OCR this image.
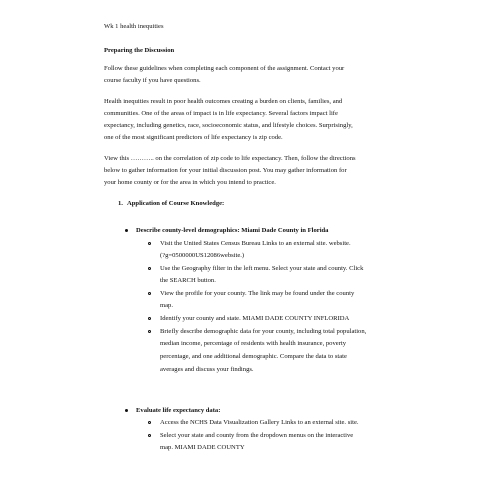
Wk 1 health inequities
Preparing the Discussion
Follow these guidelines when completing each component of the assignment. Contact your
course faculty if you have questions.
Health inequities result in poor health outcomes creating a burden on clients, families, and
communities. One of the areas of impact is in life expectancy. Several factors impact life
expectancy, including genetics, race, socioeconomic status, and lifestyle choices. Surprisingly,
one of the most significant predictors of life expectancy is zip code.
View this ……….. on the correlation of zip code to life expectancy. Then, follow the directions
below to gather information for your initial discussion post. You may gather information for
your home county or for the area in which you intend to practice.
1. Application of Course Knowledge:
Describe county-level demographics: Miami Dade County in Florida
Visit the United States Census Bureau Links to an external site. website.
(?g=0500000US12086website.)
Use the Geography filter in the left menu. Select your state and county. Click
the SEARCH button.
View the profile for your county. The link may be found under the county
map.
Identify your county and state. MIAMI DADE COUNTY INFLORIDA
Briefly describe demographic data for your county, including total population,
median income, percentage of residents with health insurance, poverty
percentage, and one additional demographic. Compare the data to state
averages and discuss your findings.
Evaluate life expectancy data:
Access the NCHS Data Visualization Gallery Links to an external site. site.
Select your state and county from the dropdown menus on the interactive
map. MIAMI DADE COUNTY
